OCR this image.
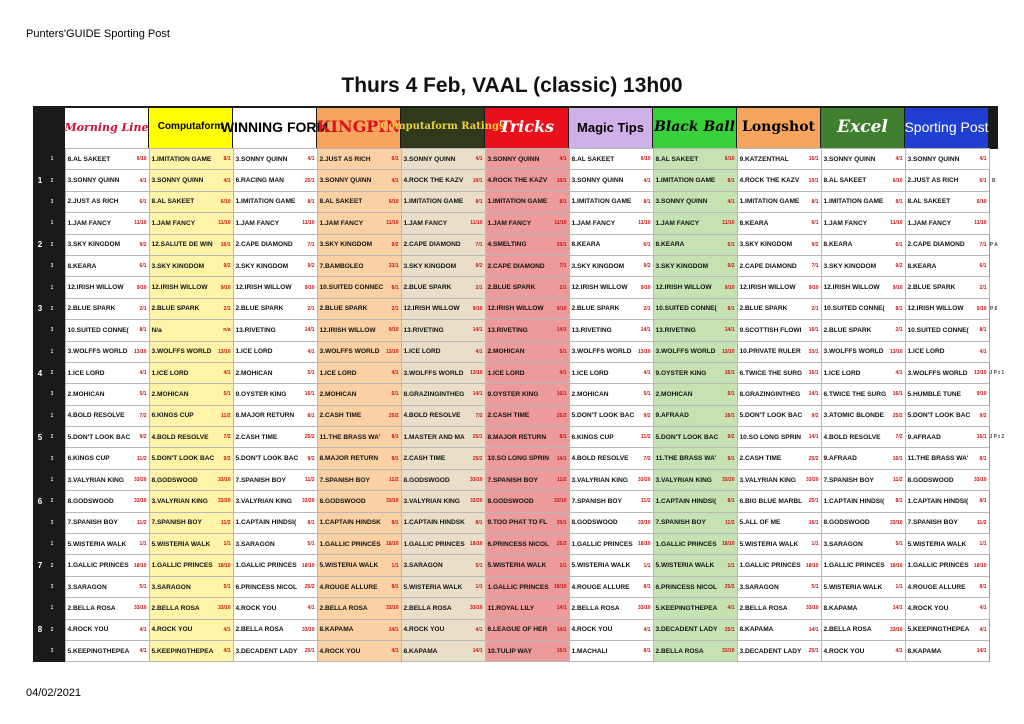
Punters'GUIDE Sporting Post
Thurs 4 Feb, VAAL (classic) 13h00

			Morning Line	Computaform	WINNING FORM	KINGPIN	Computaform Ratings	Tricks	Magic Tips	Black Ball	Longshot	Excel	Sporting Post	

1	1		8.AL SAKEET 6/10	1.IMITATION GAME 8/1	3.SONNY QUINN 4/1	2.JUST AS RICH 6/1	3.SONNY QUINN 4/1	3.SONNY QUINN 4/1	8.AL SAKEET 6/10	8.AL SAKEET 6/10	9.KATZENTHAL 16/1	3.SONNY QUINN 4/1	3.SONNY QUINN 4/1	B
	2		3.SONNY QUINN 4/1	3.SONNY QUINN 4/1	6.RACING MAN 25/1	3.SONNY QUINN 4/1	4.ROCK THE KAZV 10/1	4.ROCK THE KAZV 10/1	3.SONNY QUINN 4/1	1.IMITATION GAME 8/1	4.ROCK THE KAZV 10/1	8.AL SAKEET 6/10	2.JUST AS RICH 6/1	

	3		2.JUST AS RICH 6/1	8.AL SAKEET 6/10	1.IMITATION GAME 8/1	8.AL SAKEET 6/10	1.IMITATION GAME 8/1	1.IMITATION GAME 8/1	1.IMITATION GAME 8/1	3.SONNY QUINN 4/1	1.IMITATION GAME 8/1	1.IMITATION GAME 8/1	8.AL SAKEET 6/10	

2	1		1.JAM FANCY 11/10	1.JAM FANCY 11/10	1.JAM FANCY 11/10	1.JAM FANCY 11/10	1.JAM FANCY 11/10	1.JAM FANCY 11/10	1.JAM FANCY 11/10	1.JAM FANCY 11/10	8.KEARA 6/1	1.JAM FANCY 11/10	1.JAM FANCY 11/10	P A
	2		3.SKY KINGDOM 9/2	12.SALUTE DE WIN 16/1	2.CAPE DIAMOND 7/1	3.SKY KINGDOM 9/2	2.CAPE DIAMOND 7/1	4.SMELTING 20/1	8.KEARA 6/1	8.KEARA 6/1	3.SKY KINGDOM 9/2	8.KEARA 6/1	2.CAPE DIAMOND 7/1	

	3		8.KEARA 6/1	3.SKY KINGDOM 9/2	3.SKY KINGDOM 9/2	7.BAMBOLEO 33/1	3.SKY KINGDOM 9/2	2.CAPE DIAMOND 7/1	3.SKY KINGDOM 9/2	3.SKY KINGDOM 9/2	2.CAPE DIAMOND 7/1	3.SKY KINGDOM 9/2	8.KEARA 6/1	

3	1		12.IRISH WILLOW 9/10	12.IRISH WILLOW 9/10	12.IRISH WILLOW 9/10	10.SUITED CONNEC 8/1	2.BLUE SPARK 2/1	2.BLUE SPARK 2/1	12.IRISH WILLOW 9/10	12.IRISH WILLOW 9/10	12.IRISH WILLOW 9/10	12.IRISH WILLOW 9/10	2.BLUE SPARK 2/1	P 6
	2		2.BLUE SPARK 2/1	2.BLUE SPARK 2/1	2.BLUE SPARK 2/1	2.BLUE SPARK 2/1	12.IRISH WILLOW 9/10	12.IRISH WILLOW 9/10	2.BLUE SPARK 2/1	10.SUITED CONNE( 8/1	2.BLUE SPARK 2/1	10.SUITED CONNE( 8/1	12.IRISH WILLOW 9/10	

	3		10.SUITED CONNE( 8/1	N/a n/a	13.RIVETING 14/1	12.IRISH WILLOW 9/10	13.RIVETING 14/1	13.RIVETING 14/1	13.RIVETING 14/1	13.RIVETING 14/1	9.SCOTTISH FLOWI 16/1	2.BLUE SPARK 2/1	10.SUITED CONNE( 8/1	

4	1		3.WOLFFS WORLD 13/10	3.WOLFFS WORLD 13/10	1.ICE LORD 4/1	3.WOLFFS WORLD 13/10	1.ICE LORD 4/1	2.MOHICAN 5/1	3.WOLFFS WORLD 13/10	3.WOLFFS WORLD 13/10	10.PRIVATE RULER 33/1	3.WOLFFS WORLD 13/10	1.ICE LORD 4/1	J P t 1
	2		1.ICE LORD 4/1	1.ICE LORD 4/1	2.MOHICAN 5/1	1.ICE LORD 4/1	3.WOLFFS WORLD 13/10	1.ICE LORD 4/1	1.ICE LORD 4/1	9.OYSTER KING 16/1	6.TWICE THE SURG 16/1	1.ICE LORD 4/1	3.WOLFFS WORLD 13/10	

	3		2.MOHICAN 5/1	2.MOHICAN 5/1	9.OYSTER KING 16/1	2.MOHICAN 5/1	8.GRAZINGINTHEG 14/1	9.OYSTER KING 16/1	2.MOHICAN 5/1	2.MOHICAN 5/1	8.GRAZINGINTHEG 14/1	6.TWICE THE SURG 16/1	5.HUMBLE TUNE 9/10	

5	1		4.BOLD RESOLVE 7/2	6.KINGS CUP 11/2	8.MAJOR RETURN 8/1	2.CASH TIME 25/2	4.BOLD RESOLVE 7/2	2.CASH TIME 25/2	5.DON'T LOOK BAC 9/2	9.AFRAAD 16/1	5.DON'T LOOK BAC 9/2	3.ATOMIC BLONDE 25/2	5.DON'T LOOK BAC 9/2	J P t 2
	2		5.DON'T LOOK BAC 9/2	4.BOLD RESOLVE 7/2	2.CASH TIME 25/2	11.THE BRASS WA' 8/1	1.MASTER AND MA 25/1	8.MAJOR RETURN 8/1	6.KINGS CUP 11/2	5.DON'T LOOK BAC 9/2	10.SO LONG SPRIN 14/1	4.BOLD RESOLVE 7/2	9.AFRAAD 16/1	

	3		6.KINGS CUP 11/2	5.DON'T LOOK BAC 9/2	5.DON'T LOOK BAC 9/2	8.MAJOR RETURN 8/1	2.CASH TIME 25/2	10.SO LONG SPRIN 14/1	4.BOLD RESOLVE 7/2	11.THE BRASS WA' 8/1	2.CASH TIME 25/2	9.AFRAAD 16/1	11.THE BRASS WA' 8/1	

6	1		3.VALYRIAN KING 33/20	8.GODSWOOD 33/10	7.SPANISH BOY 11/2	7.SPANISH BOY 11/2	8.GODSWOOD 33/10	7.SPANISH BOY 11/2	3.VALYRIAN KING 33/20	3.VALYRIAN KING 33/20	3.VALYRIAN KING 33/20	7.SPANISH BOY 11/2	8.GODSWOOD 33/10	

	2		8.GODSWOOD 33/10	3.VALYRIAN KING 33/20	3.VALYRIAN KING 33/20	8.GODSWOOD 33/10	3.VALYRIAN KING 33/20	8.GODSWOOD 33/10	7.SPANISH BOY 11/2	1.CAPTAIN HINDSI( 8/1	6.BIG BLUE MARBL 25/1	1.CAPTAIN HINDSI( 8/1	1.CAPTAIN HINDSI( 8/1	

	3		7.SPANISH BOY 11/2	7.SPANISH BOY 11/2	1.CAPTAIN HINDSI( 8/1	1.CAPTAIN HINDSK 8/1	1.CAPTAIN HINDSK 8/1	9.TOO PHAT TO FL 20/1	8.GODSWOOD 33/10	7.SPANISH BOY 11/2	5.ALL OF ME 16/1	8.GODSWOOD 33/10	7.SPANISH BOY 11/2	

7	1		5.WISTERIA WALK 1/1	5.WISTERIA WALK 1/1	3.SARAGON 5/1	1.GALLIC PRINCES 18/10	1.GALLIC PRINCES 18/10	6.PRINCESS NICOL 25/2	1.GALLIC PRINCES 18/10	1.GALLIC PRINCES 18/10	5.WISTERIA WALK 1/1	3.SARAGON 5/1	5.WISTERIA WALK 1/1	

	2		1.GALLIC PRINCES 18/10	1.GALLIC PRINCES 18/10	1.GALLIC PRINCES 18/10	5.WISTERIA WALK 1/1	3.SARAGON 5/1	5.WISTERIA WALK 1/1	5.WISTERIA WALK 1/1	5.WISTERIA WALK 1/1	1.GALLIC PRINCES 18/10	1.GALLIC PRINCES 18/10	1.GALLIC PRINCES 18/10	

	3		3.SARAGON 5/1	3.SARAGON 5/1	6.PRINCESS NICOL 25/2	4.ROUGE ALLURE 8/1	5.WISTERIA WALK 1/1	1.GALLIC PRINCES 18/10	4.ROUGE ALLURE 8/1	6.PRINCESS NICOL 25/2	3.SARAGON 5/1	5.WISTERIA WALK 1/1	4.ROUGE ALLURE 8/1	

8	1		2.BELLA ROSA 33/10	2.BELLA ROSA 33/10	4.ROCK YOU 4/1	2.BELLA ROSA 33/10	2.BELLA ROSA 33/10	11.ROYAL LILY 14/1	2.BELLA ROSA 33/10	5.KEEPINGTHEPEA 4/1	2.BELLA ROSA 33/10	8.KAPAMA 14/1	4.ROCK YOU 4/1	

	2		4.ROCK YOU 4/1	4.ROCK YOU 4/1	2.BELLA ROSA 33/10	8.KAPAMA 14/1	4.ROCK YOU 4/1	6.LEAGUE OF HER 14/1	4.ROCK YOU 4/1	3.DECADENT LADY 25/1	8.KAPAMA 14/1	2.BELLA ROSA 33/10	5.KEEPINGTHEPEA 4/1	

	3		5.KEEPINGTHEPEA 4/1	5.KEEPINGTHEPEA 4/1	3.DECADENT LADY 25/1	4.ROCK YOU 4/1	8.KAPAMA 14/1	10.TULIP WAY 16/1	1.MACHALI 8/1	2.BELLA ROSA 33/10	3.DECADENT LADY 25/1	4.ROCK YOU 4/1	8.KAPAMA 14/1	
04/02/2021
